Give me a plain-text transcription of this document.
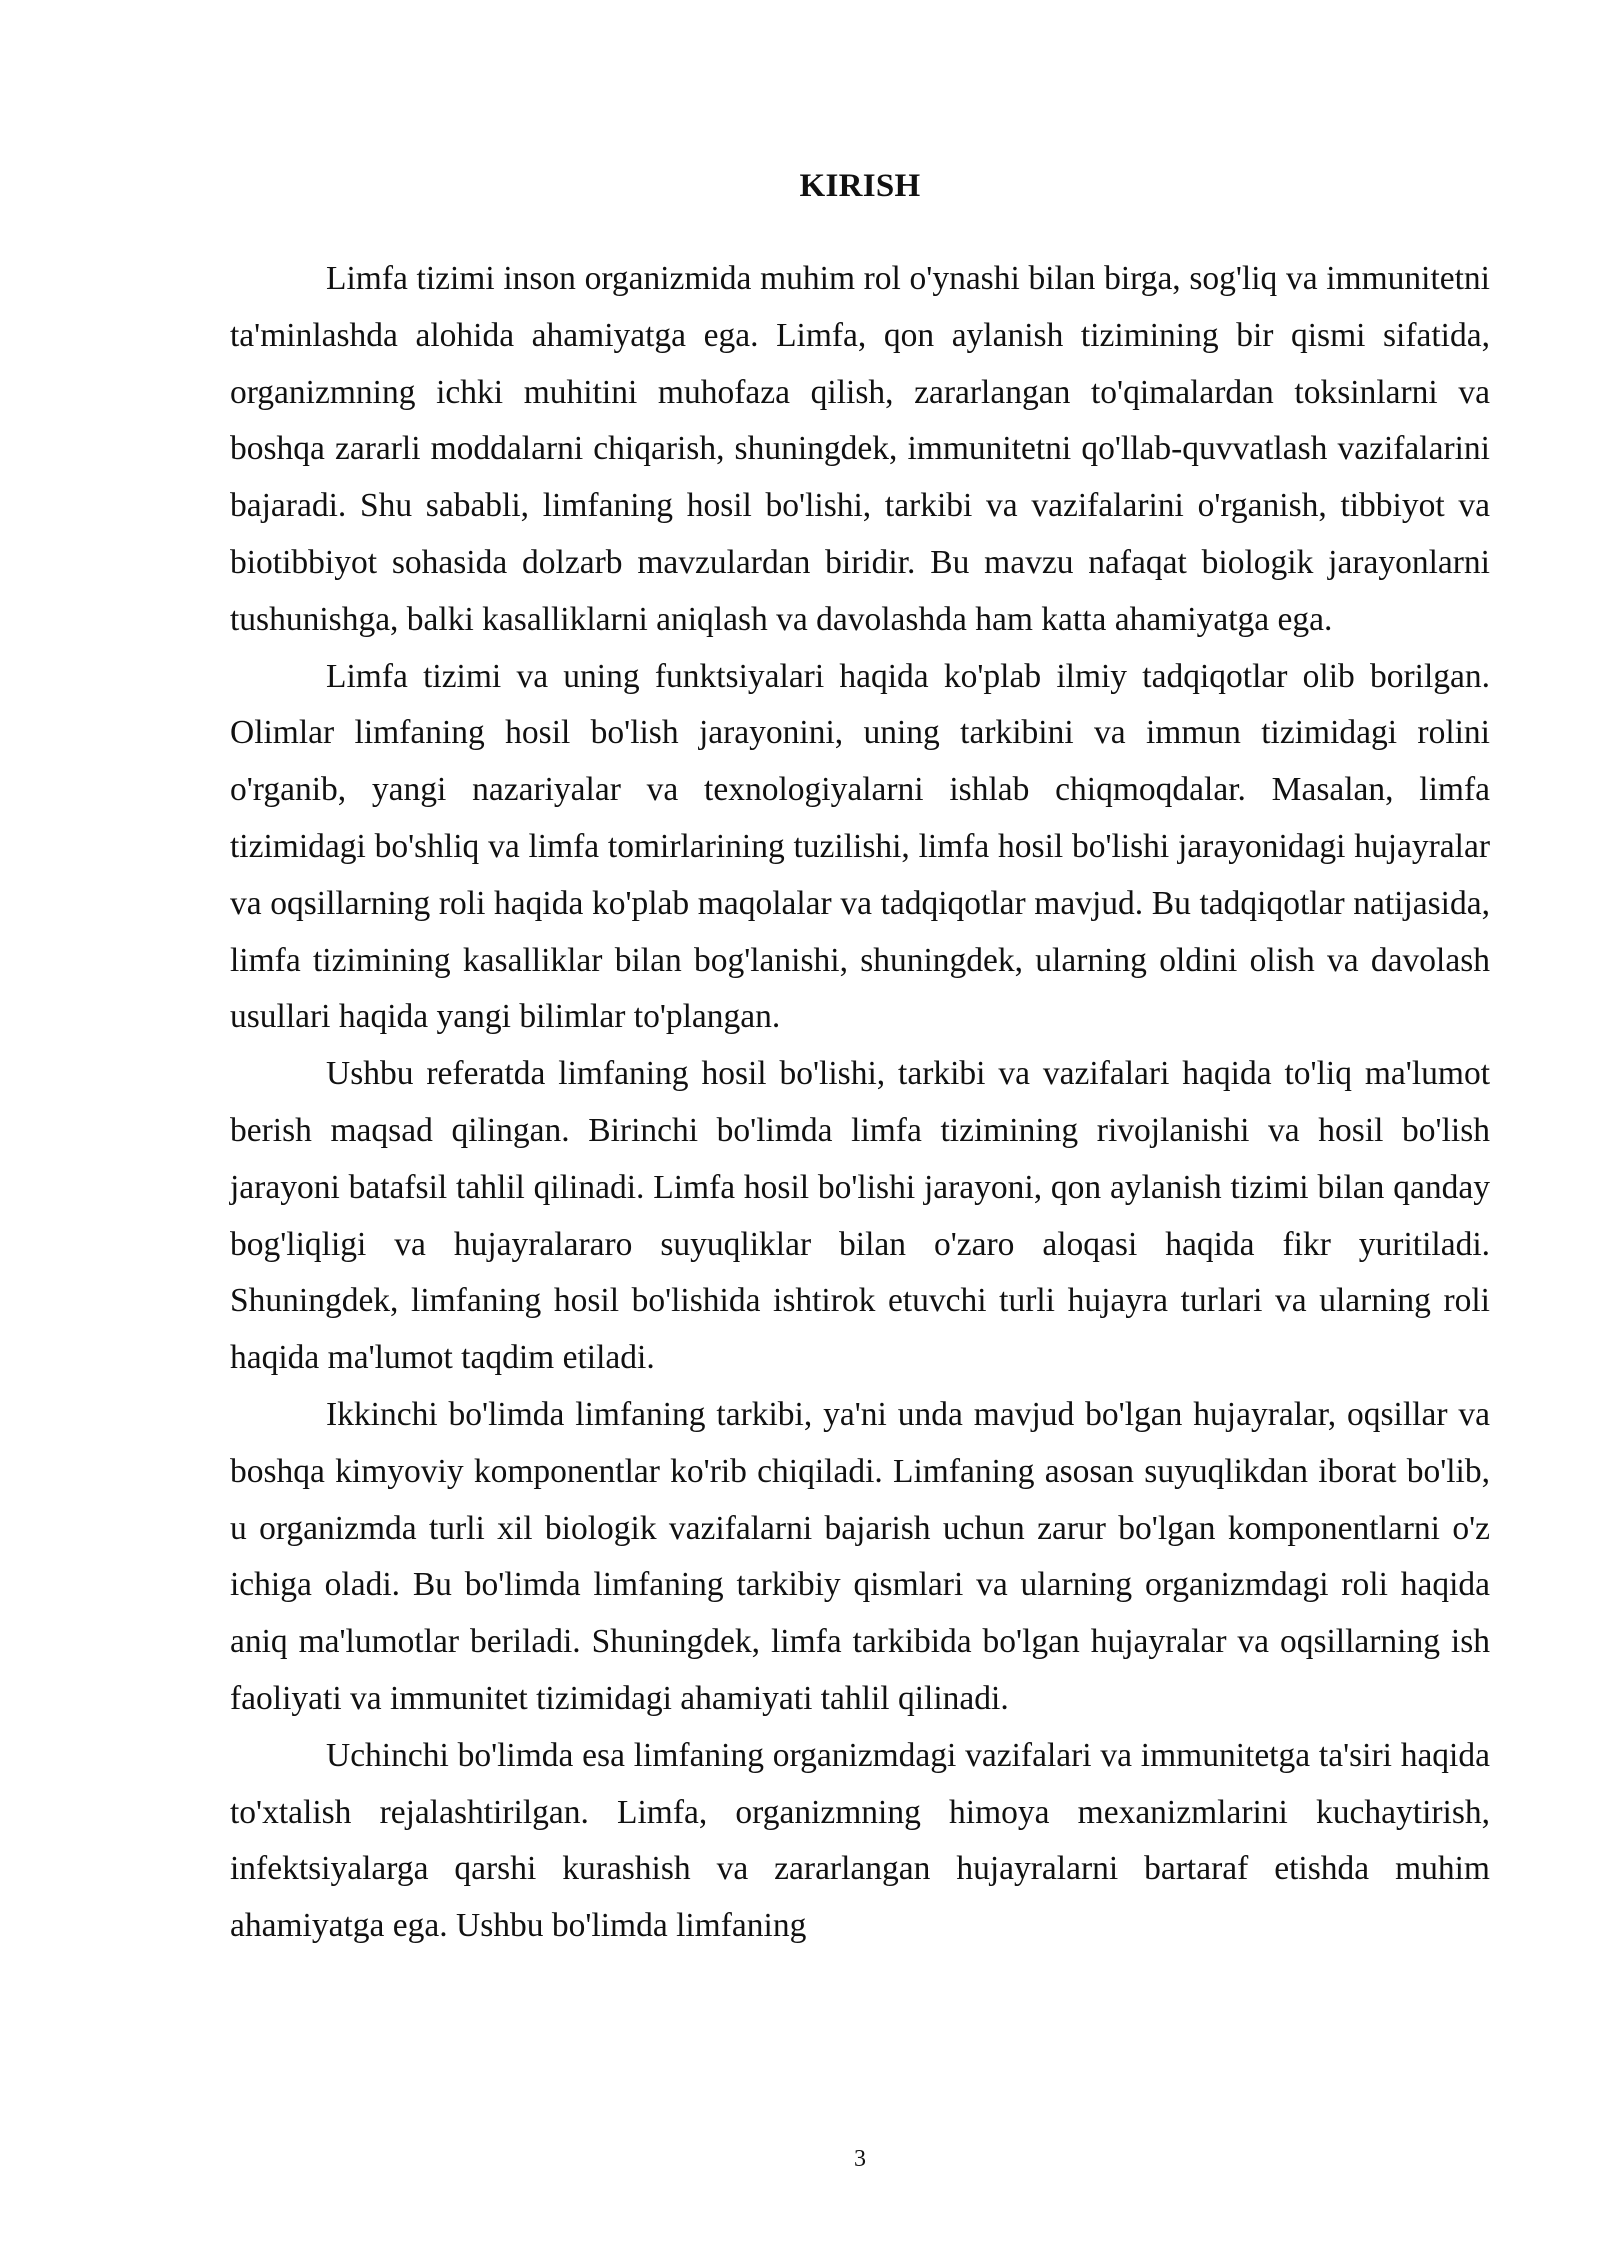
KIRISH

Limfa tizimi inson organizmida muhim rol o'ynashi bilan birga, sog'liq va immunitetni ta'minlashda alohida ahamiyatga ega. Limfa, qon aylanish tizimining bir qismi sifatida, organizmning ichki muhitini muhofaza qilish, zararlangan to'qimalardan toksinlarni va boshqa zararli moddalarni chiqarish, shuningdek, immunitetni qo'llab-quvvatlash vazifalarini bajaradi. Shu sababli, limfaning hosil bo'lishi, tarkibi va vazifalarini o'rganish, tibbiyot va biotibbiyot sohasida dolzarb mavzulardan biridir. Bu mavzu nafaqat biologik jarayonlarni tushunishga, balki kasalliklarni aniqlash va davolashda ham katta ahamiyatga ega.

Limfa tizimi va uning funktsiyalari haqida ko'plab ilmiy tadqiqotlar olib borilgan. Olimlar limfaning hosil bo'lish jarayonini, uning tarkibini va immun tizimidagi rolini o'rganib, yangi nazariyalar va texnologiyalarni ishlab chiqmoqdalar. Masalan, limfa tizimidagi bo'shliq va limfa tomirlarining tuzilishi, limfa hosil bo'lishi jarayonidagi hujayralar va oqsillarning roli haqida ko'plab maqolalar va tadqiqotlar mavjud. Bu tadqiqotlar natijasida, limfa tizimining kasalliklar bilan bog'lanishi, shuningdek, ularning oldini olish va davolash usullari haqida yangi bilimlar to'plangan.

Ushbu referatda limfaning hosil bo'lishi, tarkibi va vazifalari haqida to'liq ma'lumot berish maqsad qilingan. Birinchi bo'limda limfa tizimining rivojlanishi va hosil bo'lish jarayoni batafsil tahlil qilinadi. Limfa hosil bo'lishi jarayoni, qon aylanish tizimi bilan qanday bog'liqligi va hujayralararo suyuqliklar bilan o'zaro aloqasi haqida fikr yuritiladi. Shuningdek, limfaning hosil bo'lishida ishtirok etuvchi turli hujayra turlari va ularning roli haqida ma'lumot taqdim etiladi.

Ikkinchi bo'limda limfaning tarkibi, ya'ni unda mavjud bo'lgan hujayralar, oqsillar va boshqa kimyoviy komponentlar ko'rib chiqiladi. Limfaning asosan suyuqlikdan iborat bo'lib, u organizmda turli xil biologik vazifalarni bajarish uchun zarur bo'lgan komponentlarni o'z ichiga oladi. Bu bo'limda limfaning tarkibiy qismlari va ularning organizmdagi roli haqida aniq ma'lumotlar beriladi. Shuningdek, limfa tarkibida bo'lgan hujayralar va oqsillarning ish faoliyati va immunitet tizimidagi ahamiyati tahlil qilinadi.

Uchinchi bo'limda esa limfaning organizmdagi vazifalari va immunitetga ta'siri haqida to'xtalish rejalashtirilgan. Limfa, organizmning himoya mexanizmlarini kuchaytirish, infektsiyalarga qarshi kurashish va zararlangan hujayralarni bartaraf etishda muhim ahamiyatga ega. Ushbu bo'limda limfaning

3
